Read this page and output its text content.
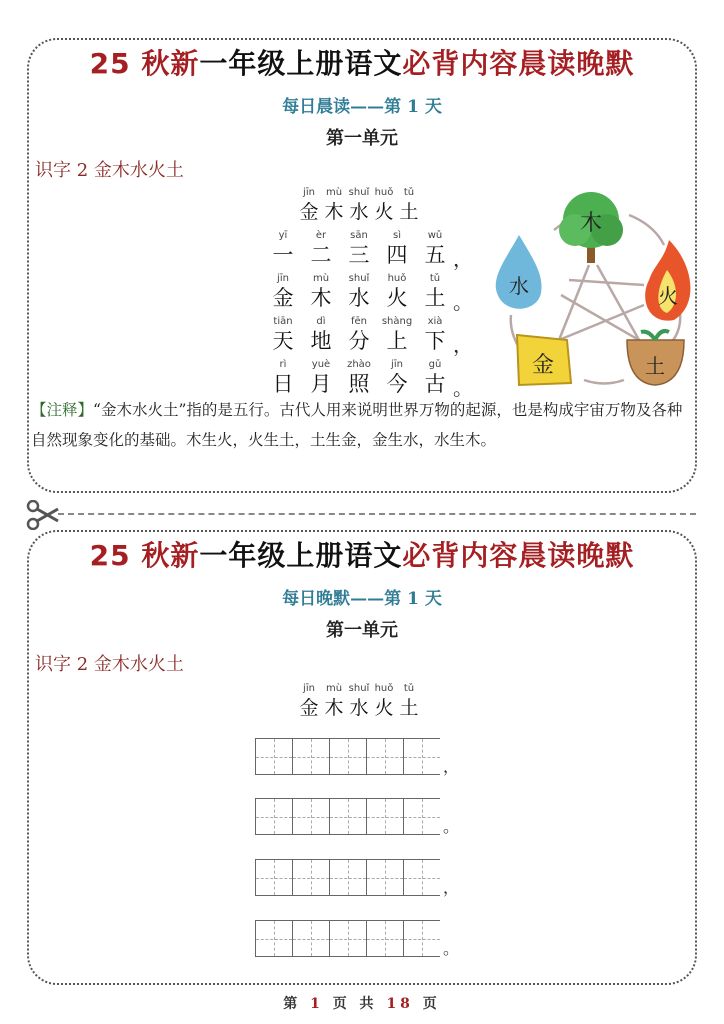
25 秋新一年级上册语文必背内容晨读晚默
每日晨读——第 1 天
第一单元
识字 2 金木水火土
jīn
金
mù
木
shuǐ
水
huǒ
火
tǔ
土
yī
一
èr
二
sān
三
sì
四
wǔ
五 ，
jīn
金
mù
木
shuǐ
水
huǒ
火
tǔ
土 。
tiān
天
dì
地
fēn
分
shàng
上
xià
下 ，
rì
日
yuè
月
zhào
照
jīn
今
gǔ
古 。
木
火
水
金	土
【注释】“金木水火土”指的是五行。古代人用来说明世界万物的起源，也是构成宇宙万物及各种自然现象变化的基础。木生火，火生土，土生金，金生水，水生木。
25 秋新一年级上册语文必背内容晨读晚默
每日晚默——第 1 天
第一单元
识字 2 金木水火土
jīn
金
mù
木
shuǐ
水
huǒ
火
tǔ
土
，
。
，
。
第 1 页 共 18 页
